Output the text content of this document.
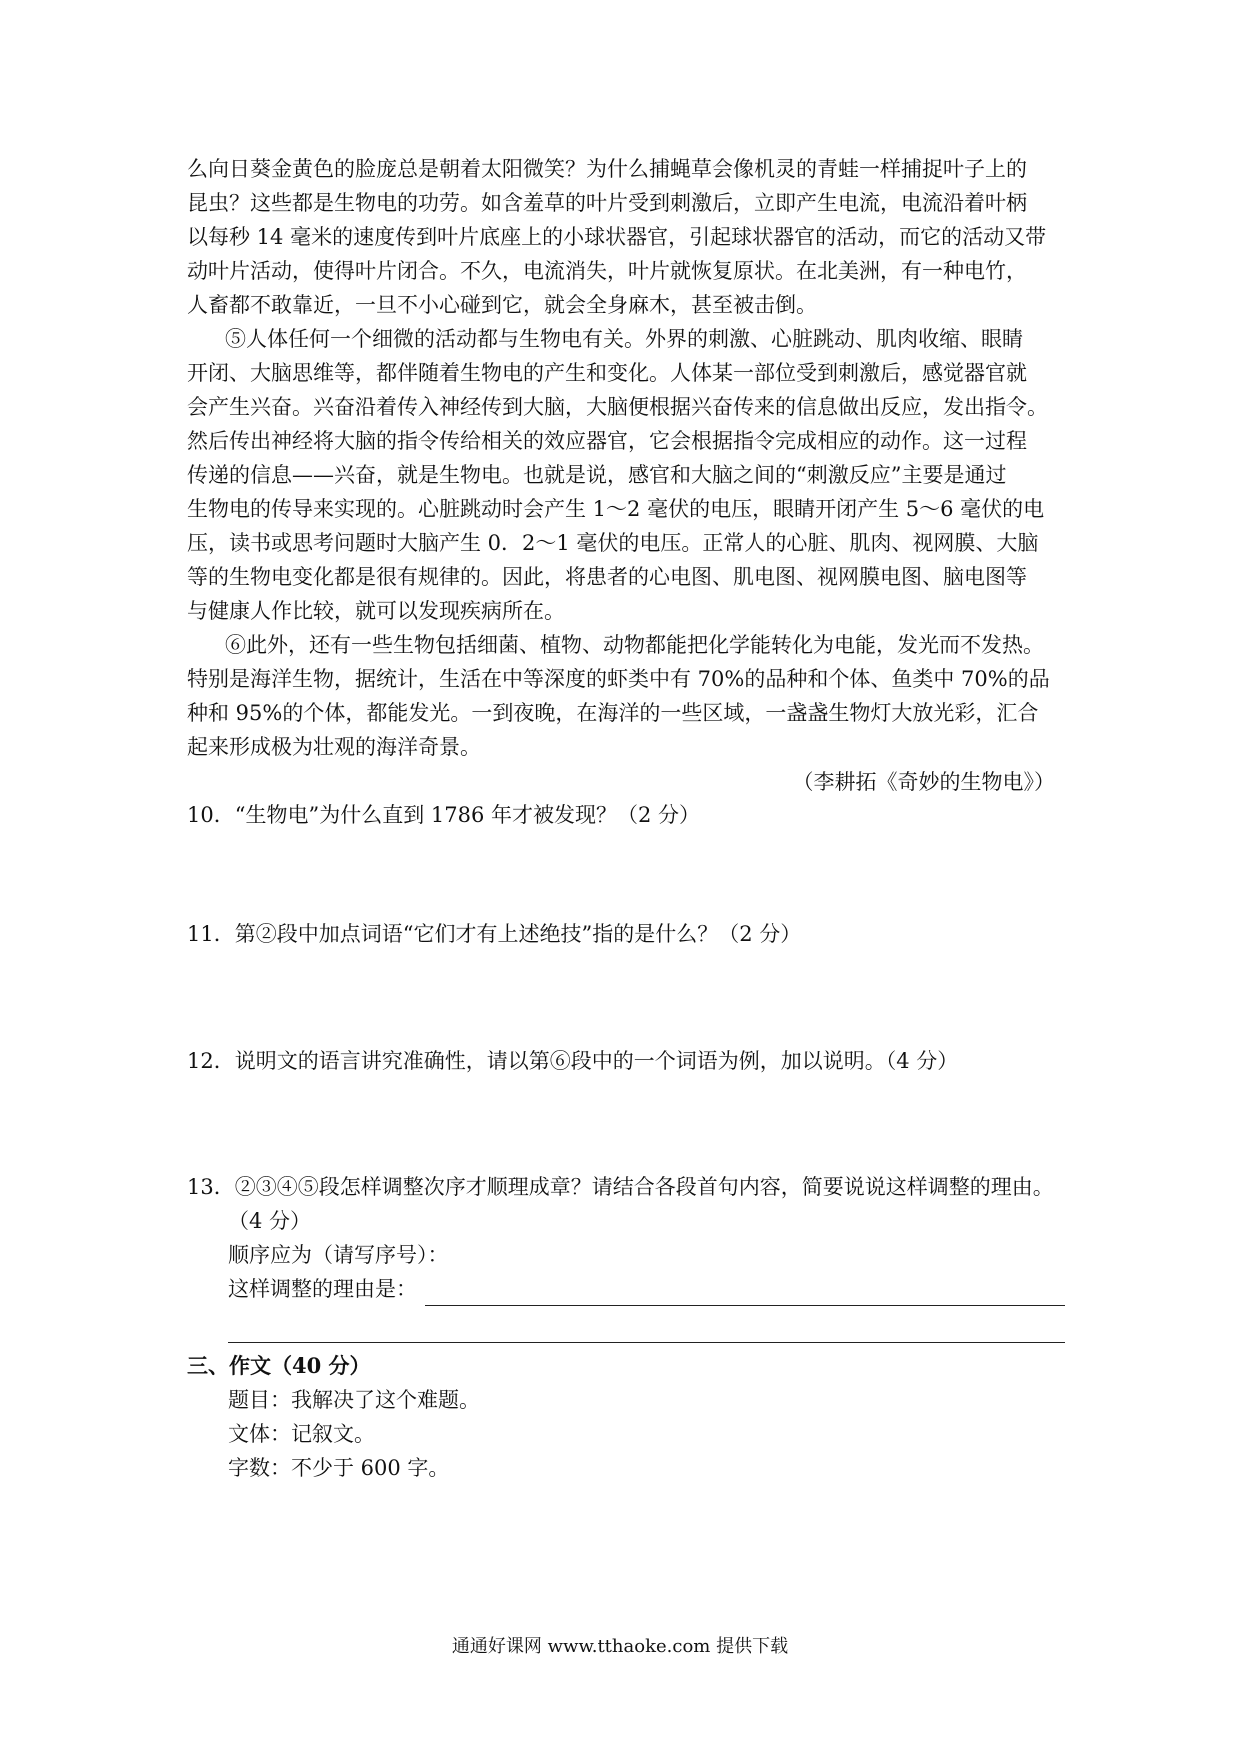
么向日葵金黄色的脸庞总是朝着太阳微笑？为什么捕蝇草会像机灵的青蛙一样捕捉叶子上的
昆虫？这些都是生物电的功劳。如含羞草的叶片受到刺激后，立即产生电流，电流沿着叶柄
以每秒 14 毫米的速度传到叶片底座上的小球状器官，引起球状器官的活动，而它的活动又带
动叶片活动，使得叶片闭合。不久，电流消失，叶片就恢复原状。在北美洲，有一种电竹，
人畜都不敢靠近，一旦不小心碰到它，就会全身麻木，甚至被击倒。
⑤人体任何一个细微的活动都与生物电有关。外界的刺激、心脏跳动、肌肉收缩、眼睛
开闭、大脑思维等，都伴随着生物电的产生和变化。人体某一部位受到刺激后，感觉器官就
会产生兴奋。兴奋沿着传入神经传到大脑，大脑便根据兴奋传来的信息做出反应，发出指令。
然后传出神经将大脑的指令传给相关的效应器官，它会根据指令完成相应的动作。这一过程
传递的信息——兴奋，就是生物电。也就是说，感官和大脑之间的“刺激反应”主要是通过
生物电的传导来实现的。心脏跳动时会产生 1～2 毫伏的电压，眼睛开闭产生 5～6 毫伏的电
压，读书或思考问题时大脑产生 0．2～1 毫伏的电压。正常人的心脏、肌肉、视网膜、大脑
等的生物电变化都是很有规律的。因此，将患者的心电图、肌电图、视网膜电图、脑电图等
与健康人作比较，就可以发现疾病所在。
⑥此外，还有一些生物包括细菌、植物、动物都能把化学能转化为电能，发光而不发热。
特别是海洋生物，据统计，生活在中等深度的虾类中有 70%的品种和个体、鱼类中 70%的品
种和 95%的个体，都能发光。一到夜晚，在海洋的一些区域，一盏盏生物灯大放光彩，汇合
起来形成极为壮观的海洋奇景。
（李耕拓《奇妙的生物电》）
10．“生物电”为什么直到 1786 年才被发现？（2 分）
11．第②段中加点词语“它们才有上述绝技”指的是什么？（2 分）
12．说明文的语言讲究准确性，请以第⑥段中的一个词语为例，加以说明。（4 分）
13．②③④⑤段怎样调整次序才顺理成章？请结合各段首句内容，简要说说这样调整的理由。
（4 分）
顺序应为（请写序号）：
这样调整的理由是：
三、作文（40 分）
题目：我解决了这个难题。
文体：记叙文。
字数：不少于 600 字。
通通好课网 www.tthaoke.com 提供下载
